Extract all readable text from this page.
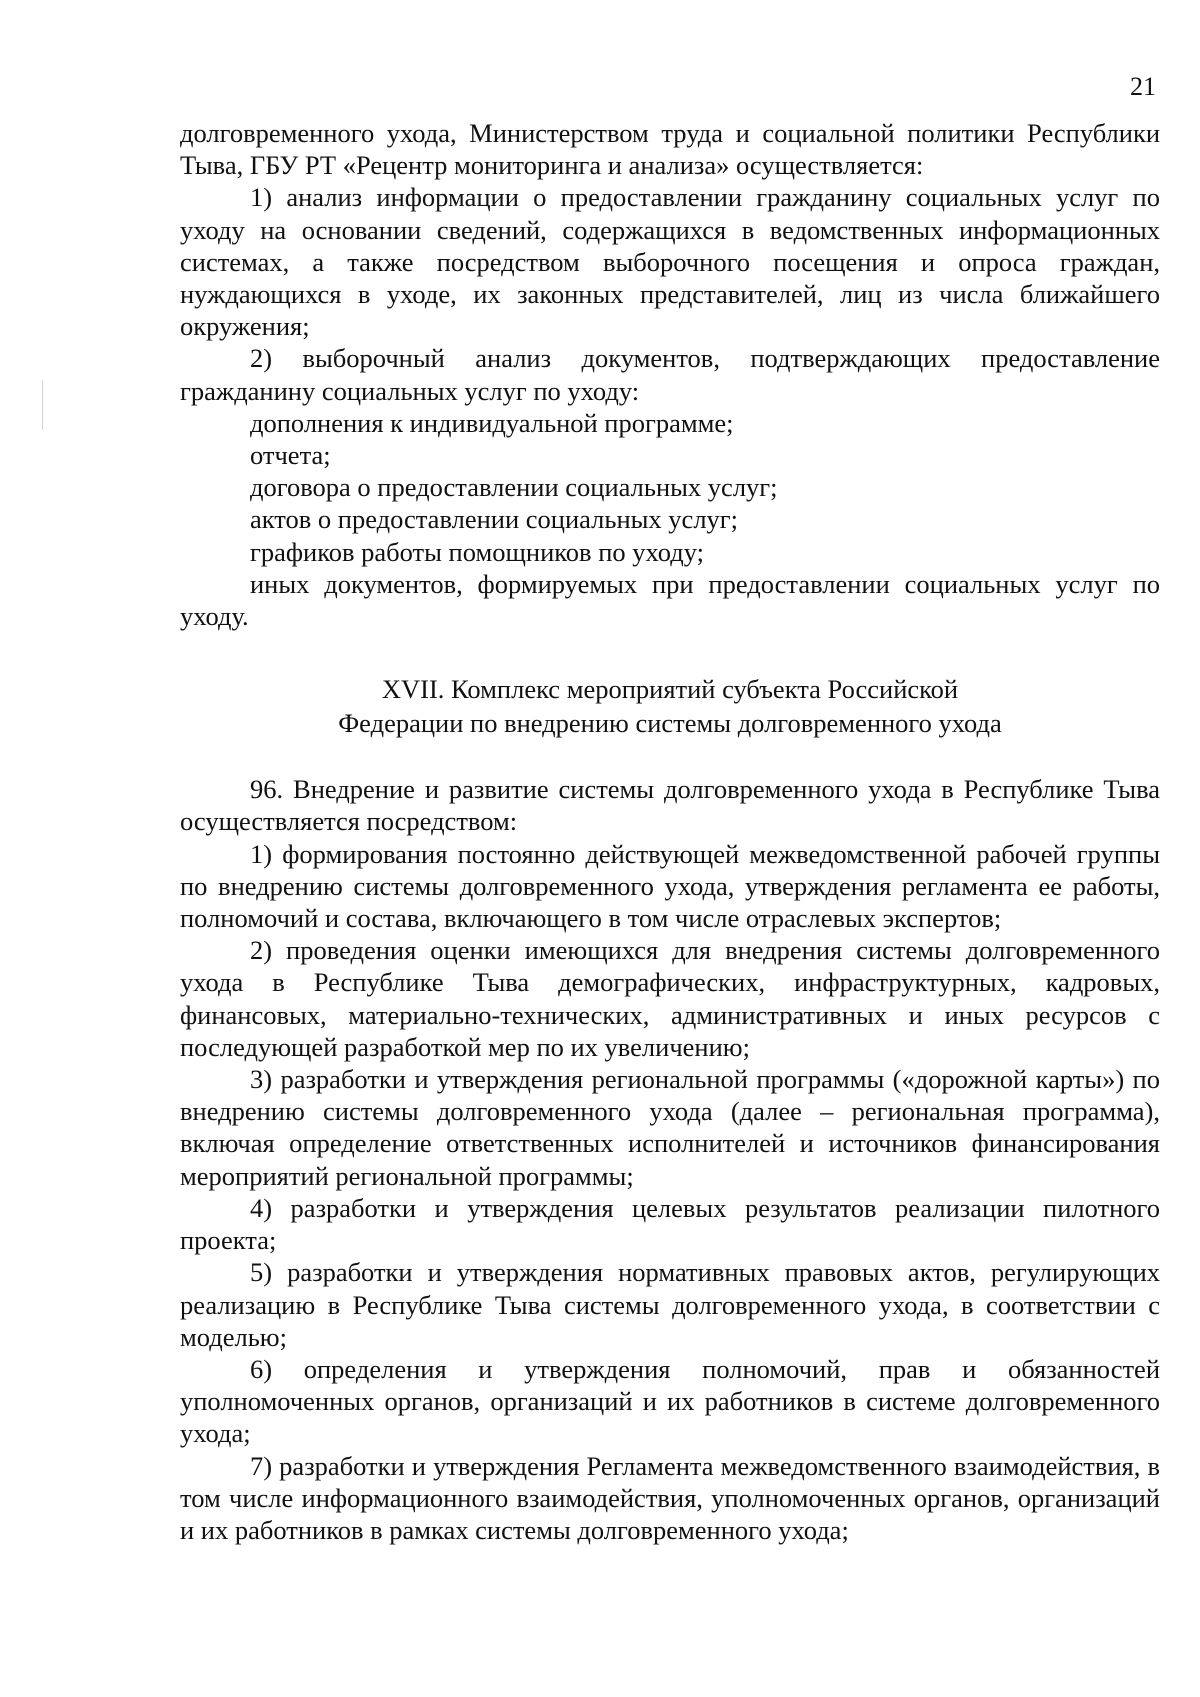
21

долговременного ухода, Министерством труда и социальной политики Республики Тыва, ГБУ РТ «Рецентр мониторинга и анализа» осуществляется:

1) анализ информации о предоставлении гражданину социальных услуг по уходу на основании сведений, содержащихся в ведомственных информационных системах, а также посредством выборочного посещения и опроса граждан, нуждающихся в уходе, их законных представителей, лиц из числа ближайшего окружения;

2) выборочный анализ документов, подтверждающих предоставление гражданину социальных услуг по уходу:

дополнения к индивидуальной программе;

отчета;

договора о предоставлении социальных услуг;

актов о предоставлении социальных услуг;

графиков работы помощников по уходу;

иных документов, формируемых при предоставлении социальных услуг по уходу.

XVII. Комплекс мероприятий субъекта Российской
Федерации по внедрению системы долговременного ухода

96. Внедрение и развитие системы долговременного ухода в Республике Тыва осуществляется посредством:

1) формирования постоянно действующей межведомственной рабочей группы по внедрению системы долговременного ухода, утверждения регламента ее работы, полномочий и состава, включающего в том числе отраслевых экспертов;

2) проведения оценки имеющихся для внедрения системы долговременного ухода в Республике Тыва демографических, инфраструктурных, кадровых, финансовых, материально-технических, административных и иных ресурсов с последующей разработкой мер по их увеличению;

3) разработки и утверждения региональной программы («дорожной карты») по внедрению системы долговременного ухода (далее – региональная программа), включая определение ответственных исполнителей и источников финансирования мероприятий региональной программы;

4) разработки и утверждения целевых результатов реализации пилотного проекта;

5) разработки и утверждения нормативных правовых актов, регулирующих реализацию в Республике Тыва системы долговременного ухода, в соответствии с моделью;

6) определения и утверждения полномочий, прав и обязанностей уполномоченных органов, организаций и их работников в системе долговременного ухода;

7) разработки и утверждения Регламента межведомственного взаимодействия, в том числе информационного взаимодействия, уполномоченных органов, организаций и их работников в рамках системы долговременного ухода;
